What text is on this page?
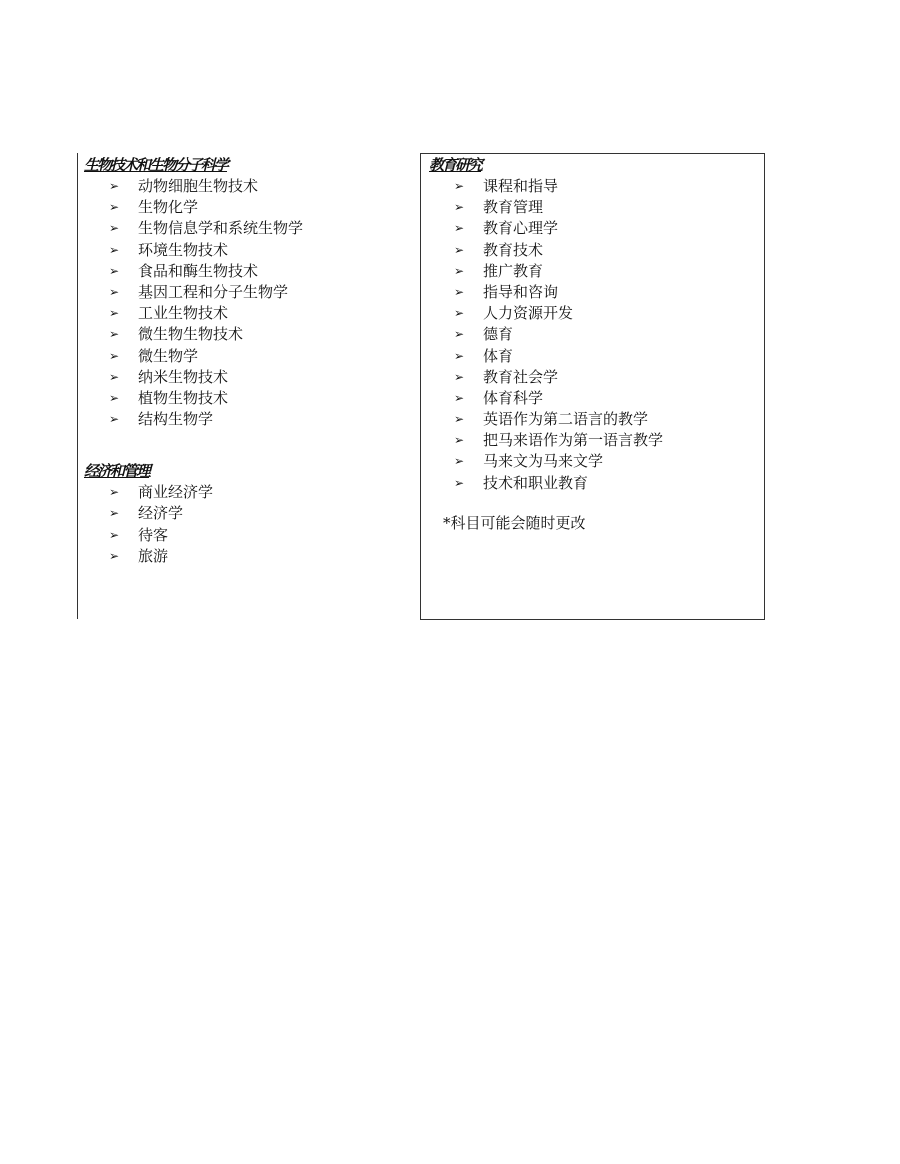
生物技术和生物分子科学
➢ 动物细胞生物技术
➢ 生物化学
➢ 生物信息学和系统生物学
➢ 环境生物技术
➢ 食品和酶生物技术
➢ 基因工程和分子生物学
➢ 工业生物技术
➢ 微生物生物技术
➢ 微生物学
➢ 纳米生物技术
➢ 植物生物技术
➢ 结构生物学
经济和管理
➢ 商业经济学
➢ 经济学
➢ 待客
➢ 旅游
教育研究
➢ 课程和指导
➢ 教育管理
➢ 教育心理学
➢ 教育技术
➢ 推广教育
➢ 指导和咨询
➢ 人力资源开发
➢ 德育
➢ 体育
➢ 教育社会学
➢ 体育科学
➢ 英语作为第二语言的教学
➢ 把马来语作为第一语言教学
➢ 马来文为马来文学
➢ 技术和职业教育
*科目可能会随时更改
